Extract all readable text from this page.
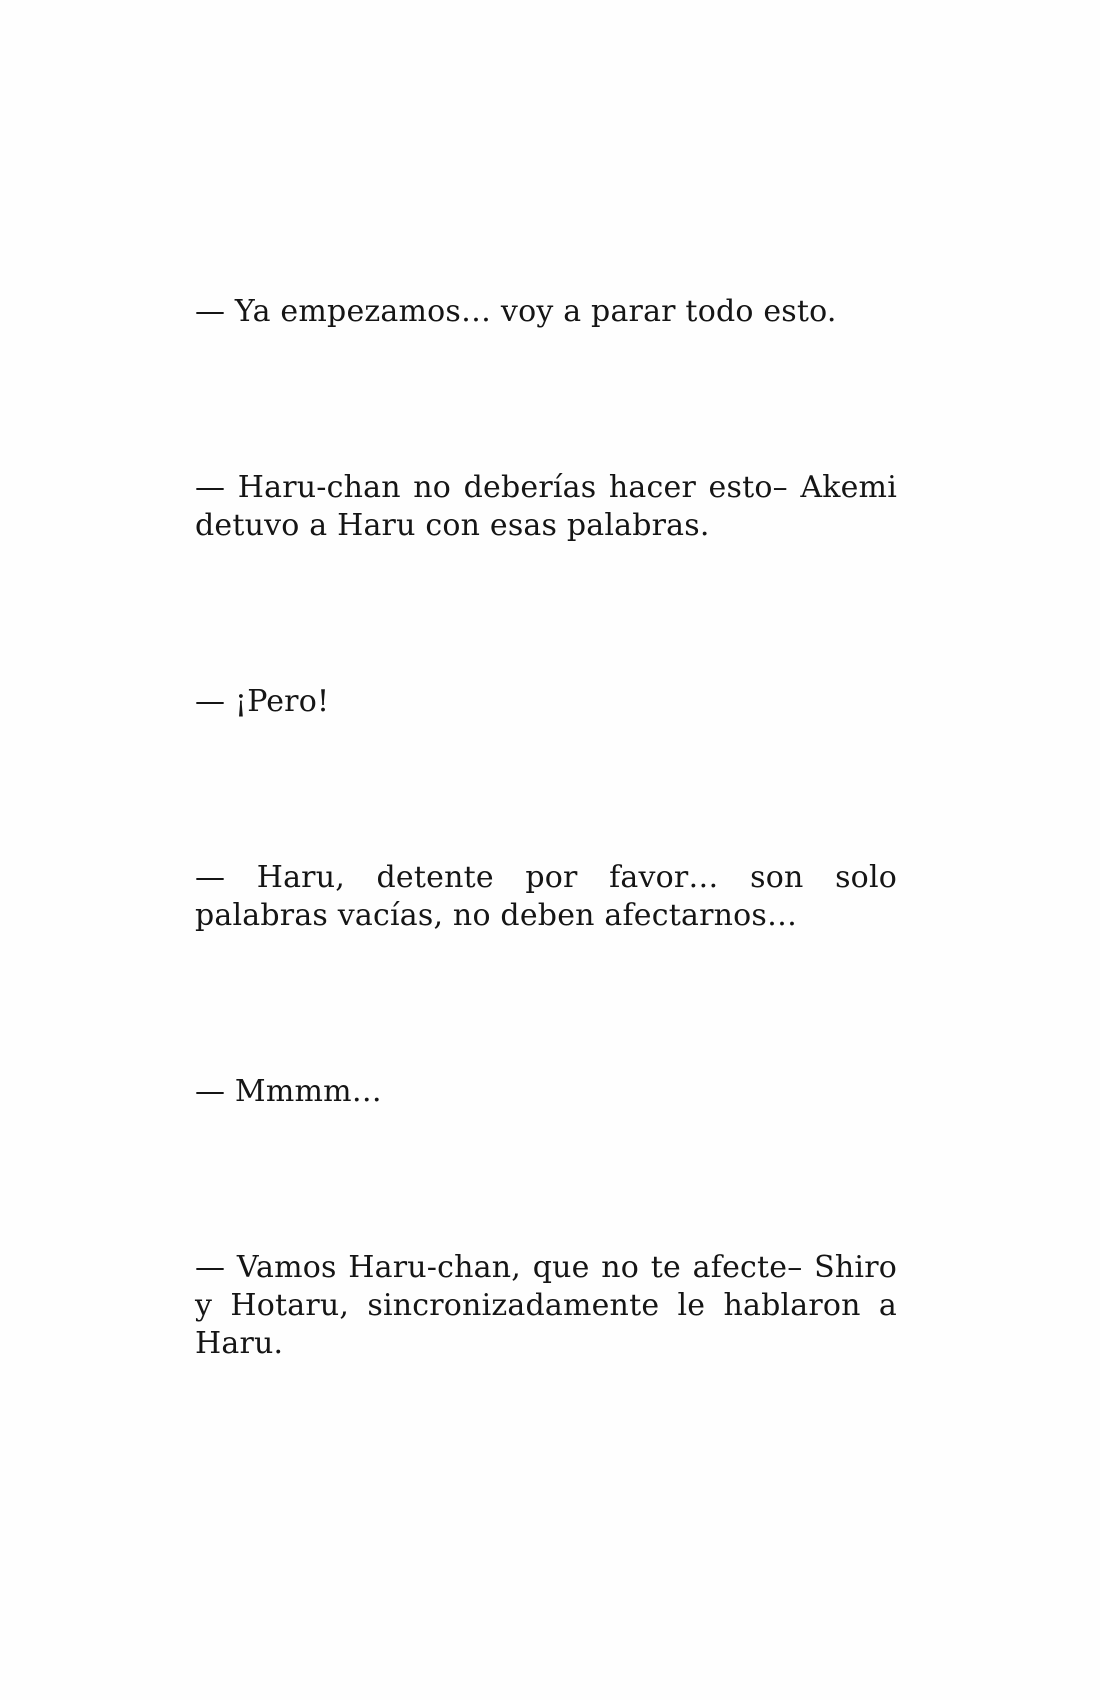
— Ya empezamos… voy a parar todo esto.

— Haru-chan no deberías hacer esto– Akemi detuvo a Haru con esas palabras.

— ¡Pero!

— Haru, detente por favor… son solo palabras vacías, no deben afectarnos…

— Mmmm…

— Vamos Haru-chan, que no te afecte– Shiro y Hotaru, sincronizadamente le hablaron a Haru.
